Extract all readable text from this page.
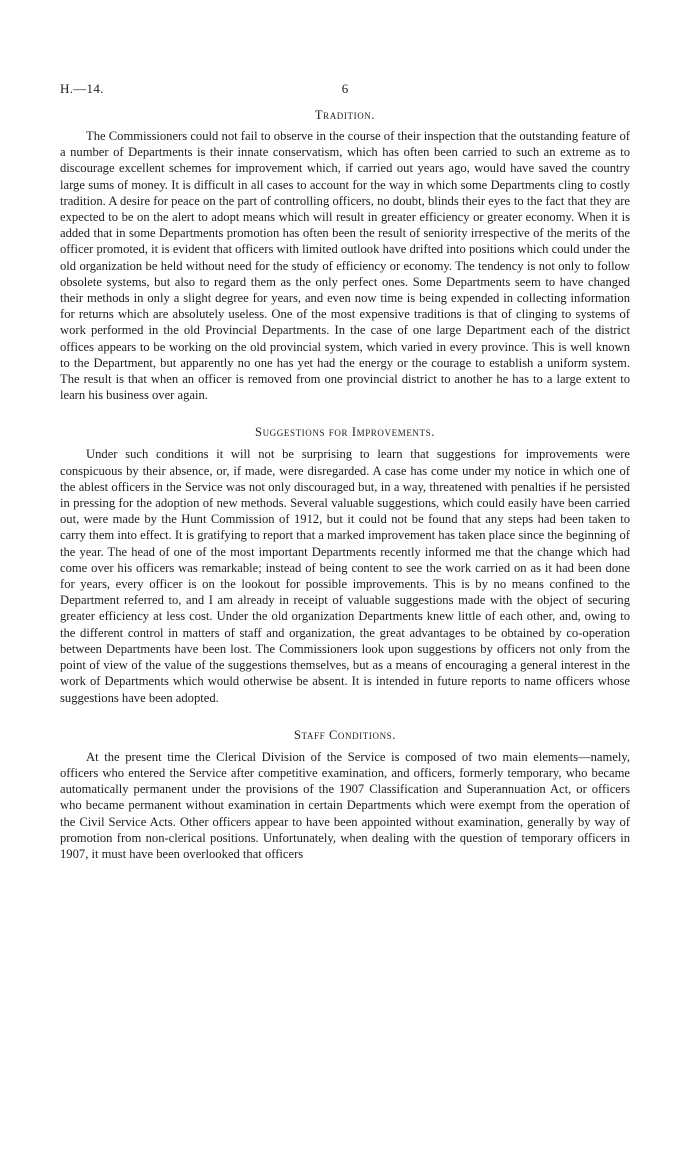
H.—14.	6
Tradition.

The Commissioners could not fail to observe in the course of their inspection that the outstanding feature of a number of Departments is their innate conservatism, which has often been carried to such an extreme as to discourage excellent schemes for improvement which, if carried out years ago, would have saved the country large sums of money. It is difficult in all cases to account for the way in which some Departments cling to costly tradition. A desire for peace on the part of controlling officers, no doubt, blinds their eyes to the fact that they are expected to be on the alert to adopt means which will result in greater efficiency or greater economy. When it is added that in some Departments promotion has often been the result of seniority irrespective of the merits of the officer promoted, it is evident that officers with limited outlook have drifted into positions which could under the old organization be held without need for the study of efficiency or economy. The tendency is not only to follow obsolete systems, but also to regard them as the only perfect ones. Some Departments seem to have changed their methods in only a slight degree for years, and even now time is being expended in collecting information for returns which are absolutely useless. One of the most expensive traditions is that of clinging to systems of work performed in the old Provincial Departments. In the case of one large Department each of the district offices appears to be working on the old provincial system, which varied in every province. This is well known to the Department, but apparently no one has yet had the energy or the courage to establish a uniform system. The result is that when an officer is removed from one provincial district to another he has to a large extent to learn his business over again.

Suggestions for Improvements.

Under such conditions it will not be surprising to learn that suggestions for improvements were conspicuous by their absence, or, if made, were disregarded. A case has come under my notice in which one of the ablest officers in the Service was not only discouraged but, in a way, threatened with penalties if he persisted in pressing for the adoption of new methods. Several valuable suggestions, which could easily have been carried out, were made by the Hunt Commission of 1912, but it could not be found that any steps had been taken to carry them into effect. It is gratifying to report that a marked improvement has taken place since the beginning of the year. The head of one of the most important Departments recently informed me that the change which had come over his officers was remarkable; instead of being content to see the work carried on as it had been done for years, every officer is on the lookout for possible improvements. This is by no means confined to the Department referred to, and I am already in receipt of valuable suggestions made with the object of securing greater efficiency at less cost. Under the old organization Departments knew little of each other, and, owing to the different control in matters of staff and organization, the great advantages to be obtained by co-operation between Departments have been lost. The Commissioners look upon suggestions by officers not only from the point of view of the value of the suggestions themselves, but as a means of encouraging a general interest in the work of Departments which would otherwise be absent. It is intended in future reports to name officers whose suggestions have been adopted.

Staff Conditions.

At the present time the Clerical Division of the Service is composed of two main elements—namely, officers who entered the Service after competitive examination, and officers, formerly temporary, who became automatically permanent under the provisions of the 1907 Classification and Superannuation Act, or officers who became permanent without examination in certain Departments which were exempt from the operation of the Civil Service Acts. Other officers appear to have been appointed without examination, generally by way of promotion from non-clerical positions. Unfortunately, when dealing with the question of temporary officers in 1907, it must have been overlooked that officers
